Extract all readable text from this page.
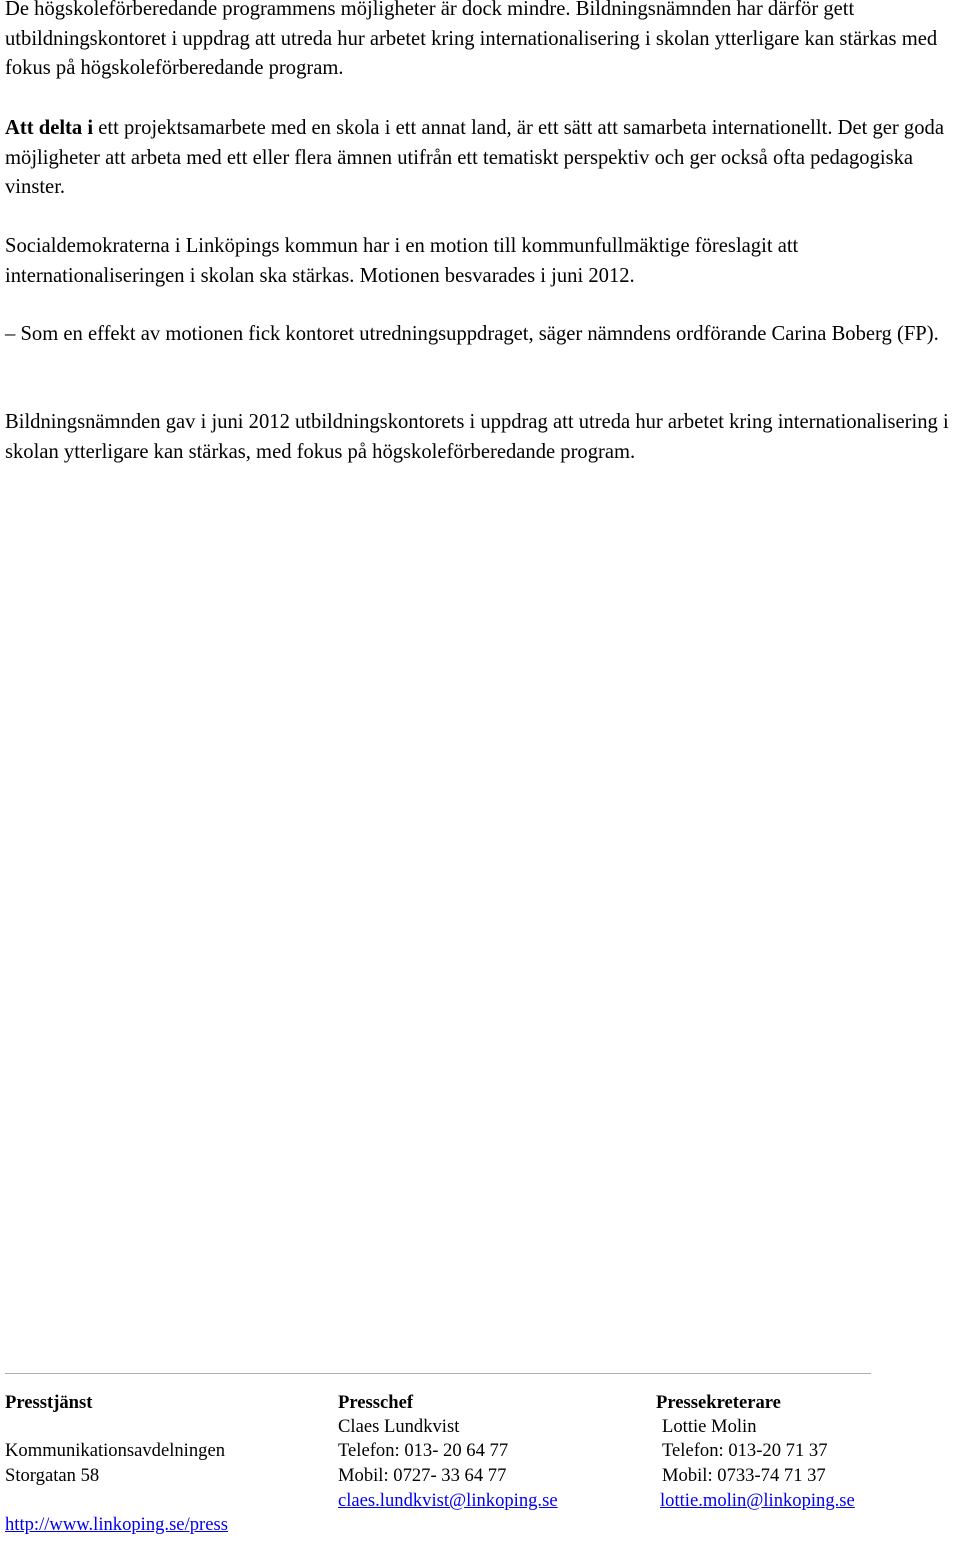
De högskoleförberedande programmens möjligheter är dock mindre. Bildningsnämnden har därför gett utbildningskontoret i uppdrag att utreda hur arbetet kring internationalisering i skolan ytterligare kan stärkas med fokus på högskoleförberedande program.

Att delta i ett projektsamarbete med en skola i ett annat land, är ett sätt att samarbeta internationellt. Det ger goda möjligheter att arbeta med ett eller flera ämnen utifrån ett tematiskt perspektiv och ger också ofta pedagogiska vinster.

Socialdemokraterna i Linköpings kommun har i en motion till kommunfullmäktige föreslagit att internationaliseringen i skolan ska stärkas. Motionen besvarades i juni 2012.

– Som en effekt av motionen fick kontoret utredningsuppdraget, säger nämndens ordförande Carina Boberg (FP).

Bildningsnämnden gav i juni 2012 utbildningskontorets i uppdrag att utreda hur arbetet kring internationalisering i skolan ytterligare kan stärkas, med fokus på högskoleförberedande program.

Presstjänst
Kommunikationsavdelningen
Storgatan 58
http://www.linkoping.se/press
Presschef
Claes Lundkvist
Telefon: 013- 20 64 77
Mobil: 0727- 33 64 77
claes.lundkvist@linkoping.se
Pressekreterare
Lottie Molin
Telefon: 013-20 71 37
Mobil: 0733-74 71 37
lottie.molin@linkoping.se
